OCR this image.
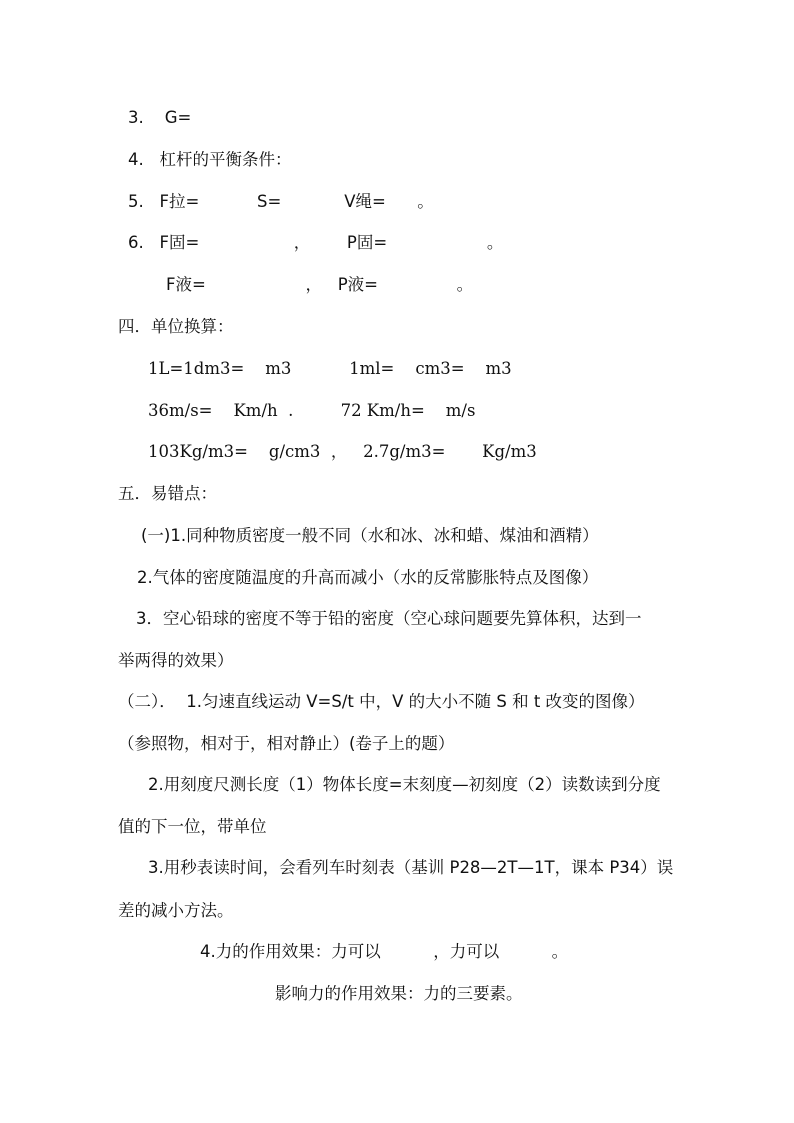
3.    G=
4.   杠杆的平衡条件：
5.   F拉=           S=            V绳=      。
6.   F固=                  ，       P固=                   。
F液=                   ，   P液=               。
四．单位换算：
1L=1dm3=    m3           1ml=    cm3=    m3
36m/s=    Km/h  .         72 Km/h=    m/s
103Kg/m3=    g/cm3  ，   2.7g/m3=       Kg/m3
五．易错点：
(一)1.同种物质密度一般不同（水和冰、冰和蜡、煤油和酒精）
2.气体的密度随温度的升高而减小（水的反常膨胀特点及图像）
3．空心铅球的密度不等于铅的密度（空心球问题要先算体积，达到一
举两得的效果）
（二）．  1.匀速直线运动 V=S/t 中，V 的大小不随 S 和 t 改变的图像）
（参照物，相对于，相对静止）(卷子上的题）
2.用刻度尺测长度（1）物体长度=末刻度—初刻度（2）读数读到分度
值的下一位，带单位
3.用秒表读时间，会看列车时刻表（基训 P28—2T—1T，课本 P34）误
差的减小方法。
4.力的作用效果：力可以          ，力可以          。
影响力的作用效果：力的三要素。
